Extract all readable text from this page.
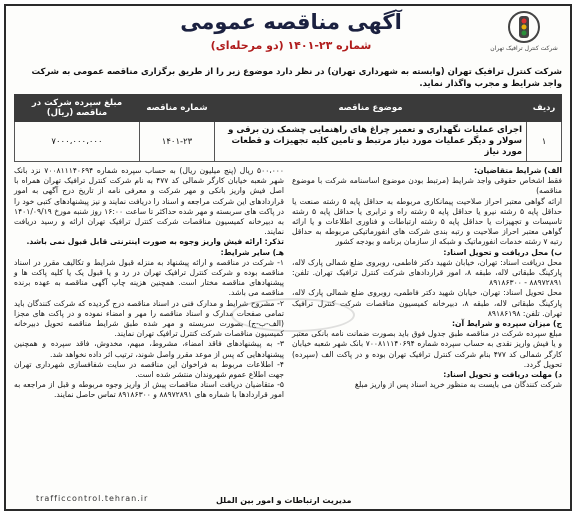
شرکت کنترل ترافیک تهران
آگهی مناقصه عمومی
شماره ۲۳-۱۴۰۱ (دو مرحله‌ای)
شرکت کنترل ترافیک تهران (وابسته به شهرداری تهران) در نظر دارد موضوع زیر را از طریق برگزاری مناقصه عمومی به شرکت واجد شرایط و مجرب واگذار نماید.
ردیف	موضوع مناقصه	شماره مناقصه	مبلغ سپرده شرکت در مناقصه (ریال)
۱	اجرای عملیات نگهداری و تعمیر چراغ های راهنمایی چشمک زن برقی و سولار و دیگر عملیات مورد نیاز مرتبط و تامین کلیه تجهیزات و قطعات مورد نیاز	۱۴۰۱-۲۳	۷۰۰۰،۰۰۰،۰۰۰

الف) شرایط متقاضیان:

فقط اشخاص حقوقی واجد شرایط (مرتبط بودن موضوع اساسنامه شرکت با موضوع مناقصه)

ارائه گواهی معتبر احراز صلاحیت پیمانکاری مربوطه به حداقل پایه ۵ رشته صنعت یا حداقل پایه ۵ رشته نیرو یا حداقل پایه ۵ رشته راه و ترابری یا حداقل پایه ۵ رشته تاسیسات و تجهیزات یا حداقل پایه ۵ رشته ارتباطات و فناوری اطلاعات و یا ارائه گواهی معتبر احراز صلاحیت و رتبه بندی شرکت های انفورماتیکی مربوطه به حداقل رتبه ۷ رشته خدمات انفورماتیک و شبکه از سازمان برنامه و بودجه کشور

ب) محل دریافت و تحویل اسناد:

محل دریافت اسناد: تهران، خیابان شهید دکتر فاطمی، روبروی ضلع شمالی پارک لاله، پارکینگ طبقاتی لاله، طبقه ۸، امور قراردادهای شرکت کنترل ترافیک تهران. تلفن: ۸۸۹۷۲۸۹۱ - ۸۹۱۸۶۳۰۰

محل تحویل اسناد: تهران، خیابان شهید دکتر فاطمی، روبروی ضلع شمالی پارک لاله، پارکینگ طبقاتی لاله، طبقه ۸، دبیرخانه کمیسیون مناقصات شرکت کنترل ترافیک تهران. تلفن: ۸۹۱۸۶۱۹۸

ج) میزان سپرده و شرایط آن:

مبلغ سپرده شرکت در مناقصه طبق جدول فوق باید بصورت ضمانت نامه بانکی معتبر و یا فیش واریز نقدی به حساب سپرده شماره ۷۰۰۸۱۱۱۴۰۶۹۴ بانک شهر شعبه خیابان کارگر شمالی کد ۴۷۷ بنام شرکت کنترل ترافیک تهران بوده و در پاکت الف (سپرده) تحویل گردد.

د) مهلت دریافت و تحویل اسناد:

شرکت کنندگان می بایست به منظور خرید اسناد پس از واریز مبلغ

۵۰۰،۰۰۰ ریال (پنج میلیون ریال) به حساب سپرده شماره ۷۰۰۸۱۱۱۴۰۶۹۴ نزد بانک شهر شعبه خیابان کارگر شمالی کد ۴۷۷ به نام شرکت کنترل ترافیک تهران همراه با اصل فیش واریز بانکی و مهر شرکت و معرفی نامه از تاریخ درج آگهی به امور قراردادهای این شرکت مراجعه و اسناد را دریافت نمایند و نیز پیشنهادهای کتبی خود را در پاکت های سربسته و مهر شده حداکثر تا ساعت ۱۶:۰۰ روز شنبه مورخ ۱۴۰۱/۰۹/۱۹ به دبیرخانه کمیسیون مناقصات شرکت کنترل ترافیک تهران ارائه و رسید دریافت نمایند.

تذکر: ارائه فیش واریز وجوه به صورت اینترنتی قابل قبول نمی باشد.

هـ) سایر شرایط:

۱- شرکت در مناقصه و ارائه پیشنهاد به منزله قبول شرایط و تکالیف مقرر در اسناد مناقصه بوده و شرکت کنترل ترافیک تهران در رد و یا قبول یک یا کلیه پاکت ها و پیشنهادهای مناقصه مختار است. همچنین هزینه چاپ آگهی مناقصه به عهده برنده مناقصه می باشد.

۲- مشروح شرایط و مدارک فنی در اسناد مناقصه درج گردیده که شرکت کنندگان باید تمامی صفحات مدارک و اسناد مناقصه را مهر و امضاء نموده و در پاکت های مجزا (الف-ب-ج) بصورت سربسته و مهر شده طبق شرایط مناقصه تحویل دبیرخانه کمیسیون مناقصات شرکت کنترل ترافیک تهران نمایند.

۳- به پیشنهادهای فاقد امضاء، مشروط، مبهم، مخدوش، فاقد سپرده و همچنین پیشنهادهایی که پس از موعد مقرر واصل شوند، ترتیب اثر داده نخواهد شد.

۴- اطلاعات مربوط به فراخوان این مناقصه در سایت شفافسازی شهرداری تهران جهت اطلاع عموم شهروندان منتشر شده است.

۵- متقاضیان دریافت اسناد مناقصات پیش از واریز وجوه مربوطه و قبل از مراجعه به امور قراردادها با شماره های ۸۸۹۷۲۸۹۱ و ۸۹۱۸۶۳۰۰ تماس حاصل نمایند.

مدیریت ارتباطات و امور بین الملل
trafficcontrol.tehran.ir
